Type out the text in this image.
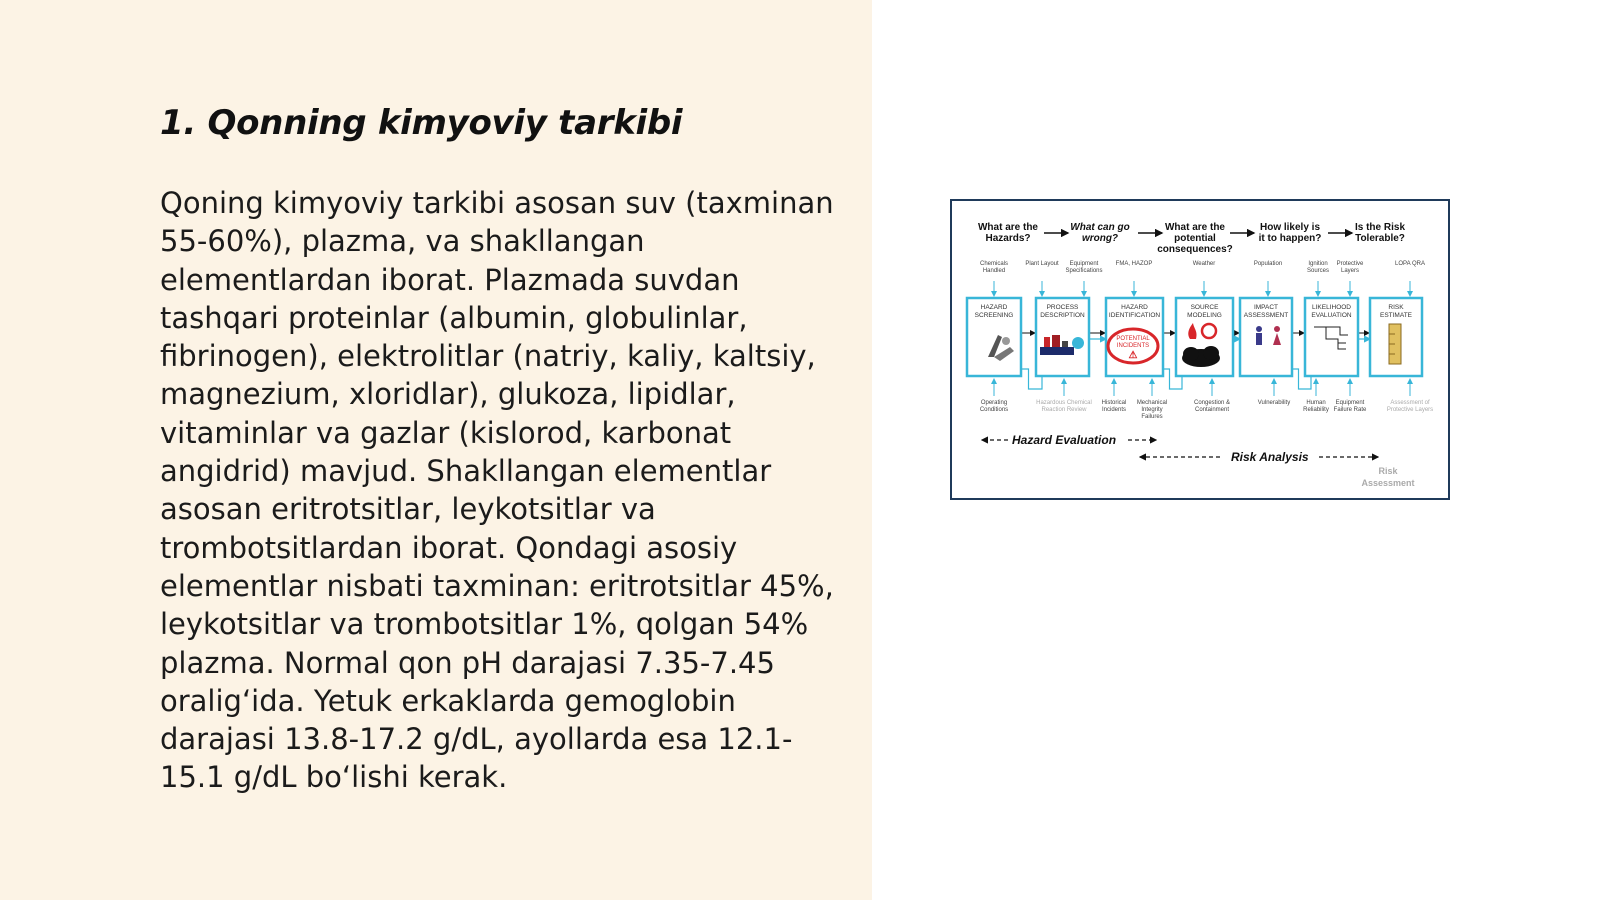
1. Qonning kimyoviy tarkibi

Qoning kimyoviy tarkibi asosan suv (taxminan 55-60%), plazma, va shakllangan elementlardan iborat. Plazmada suvdan tashqari proteinlar (albumin, globulinlar, fibrinogen), elektrolitlar (natriy, kaliy, kaltsiy, magnezium, xloridlar), glukoza, lipidlar, vitaminlar va gazlar (kislorod, karbonat angidrid) mavjud. Shakllangan elementlar asosan eritrotsitlar, leykotsitlar va trombotsitlardan iborat. Qondagi asosiy elementlar nisbati taxminan: eritrotsitlar 45%, leykotsitlar va trombotsitlar 1%, qolgan 54% plazma. Normal qon pH darajasi 7.35-7.45 oralig‘ida. Yetuk erkaklarda gemoglobin darajasi 13.8-17.2 g/dL, ayollarda esa 12.1-15.1 g/dL bo‘lishi kerak.

What are the Hazards?
What can go wrong?
What are the potential consequences?
How likely is it to happen?
Is the Risk Tolerable?
Chemicals Handled
Plant Layout	Equipment Specifications
FMA, HAZOP	Weather	Population	Ignition Sources
Protective Layers
LOPA QRA
Operating Conditions
Hazardous Chemical Reaction Review
Historical Incidents
Mechanical Integrity Failures
Congestion & Containment
Vulnerability	Human Reliability
Equipment Failure Rate
Assessment of Protective Layers
HAZARD SCREENING
PROCESS DESCRIPTION
HAZARD IDENTIFICATION
SOURCE MODELING
IMPACT ASSESSMENT
LIKELIHOOD EVALUATION
RISK ESTIMATE
POTENTIAL INCIDENTS
⚠
Hazard Evaluation
Risk Analysis
Risk
Assessment
